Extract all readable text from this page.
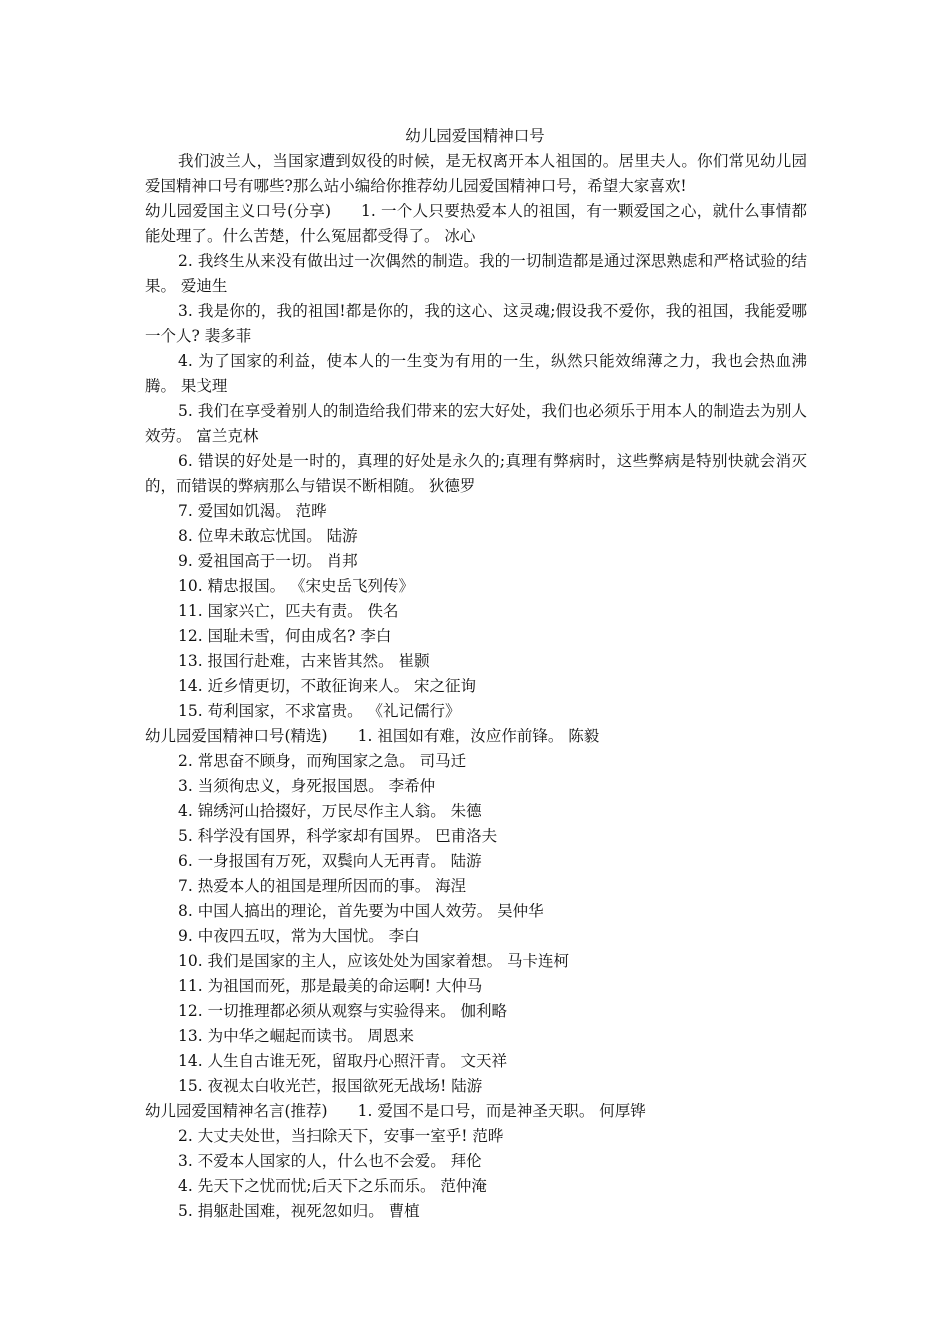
幼儿园爱国精神口号

我们波兰人，当国家遭到奴役的时候，是无权离开本人祖国的。居里夫人。你们常见幼儿园爱国精神口号有哪些?那么站小编给你推荐幼儿园爱国精神口号，希望大家喜欢!

幼儿园爱国主义口号(分享) 1. 一个人只要热爱本人的祖国，有一颗爱国之心，就什么事情都能处理了。什么苦楚，什么冤屈都受得了。 冰心

2. 我终生从来没有做出过一次偶然的制造。我的一切制造都是通过深思熟虑和严格试验的结果。 爱迪生

3. 我是你的，我的祖国!都是你的，我的这心、这灵魂;假设我不爱你，我的祖国，我能爱哪一个人? 裴多菲

4. 为了国家的利益，使本人的一生变为有用的一生，纵然只能效绵薄之力，我也会热血沸腾。 果戈理

5. 我们在享受着别人的制造给我们带来的宏大好处，我们也必须乐于用本人的制造去为别人效劳。 富兰克林

6. 错误的好处是一时的，真理的好处是永久的;真理有弊病时，这些弊病是特别快就会消灭的，而错误的弊病那么与错误不断相随。 狄德罗

7. 爱国如饥渴。 范晔

8. 位卑未敢忘忧国。 陆游

9. 爱祖国高于一切。 肖邦

10. 精忠报国。 《宋史岳飞列传》

11. 国家兴亡，匹夫有责。 佚名

12. 国耻未雪，何由成名? 李白

13. 报国行赴难，古来皆其然。 崔颢

14. 近乡情更切，不敢征询来人。 宋之征询

15. 苟利国家，不求富贵。 《礼记儒行》

幼儿园爱国精神口号(精选) 1. 祖国如有难，汝应作前锋。 陈毅

2. 常思奋不顾身，而殉国家之急。 司马迁

3. 当须徇忠义，身死报国恩。 李希仲

4. 锦绣河山拾掇好，万民尽作主人翁。 朱德

5. 科学没有国界，科学家却有国界。 巴甫洛夫

6. 一身报国有万死，双鬓向人无再青。 陆游

7. 热爱本人的祖国是理所因而的事。 海涅

8. 中国人搞出的理论，首先要为中国人效劳。 吴仲华

9. 中夜四五叹，常为大国忧。 李白

10. 我们是国家的主人，应该处处为国家着想。 马卡连柯

11. 为祖国而死，那是最美的命运啊! 大仲马

12. 一切推理都必须从观察与实验得来。 伽利略

13. 为中华之崛起而读书。 周恩来

14. 人生自古谁无死，留取丹心照汗青。 文天祥

15. 夜视太白收光芒，报国欲死无战场! 陆游

幼儿园爱国精神名言(推荐) 1. 爱国不是口号，而是神圣天职。 何厚铧

2. 大丈夫处世，当扫除天下，安事一室乎! 范晔

3. 不爱本人国家的人，什么也不会爱。 拜伦

4. 先天下之忧而忧;后天下之乐而乐。 范仲淹

5. 捐躯赴国难，视死忽如归。 曹植
